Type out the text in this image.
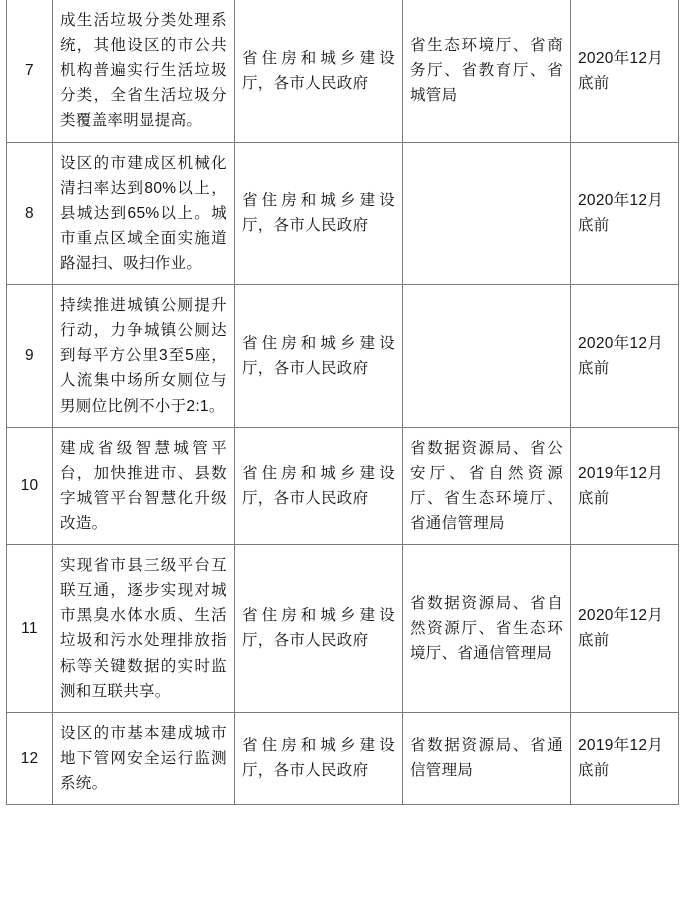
7	成生活垃圾分类处理系统，其他设区的市公共机构普遍实行生活垃圾分类，全省生活垃圾分类覆盖率明显提高。	省住房和城乡建设厅，各市人民政府	省生态环境厅、省商务厅、省教育厅、省城管局	2020年12月底前
8	设区的市建成区机械化清扫率达到80%以上，县城达到65%以上。城市重点区域全面实施道路湿扫、吸扫作业。	省住房和城乡建设厅，各市人民政府		2020年12月底前
9	持续推进城镇公厕提升行动，力争城镇公厕达到每平方公里3至5座，人流集中场所女厕位与男厕位比例不小于2:1。	省住房和城乡建设厅，各市人民政府		2020年12月底前
10	建成省级智慧城管平台，加快推进市、县数字城管平台智慧化升级改造。	省住房和城乡建设厅，各市人民政府	省数据资源局、省公安厅、省自然资源厅、省生态环境厅、省通信管理局	2019年12月底前
11	实现省市县三级平台互联互通，逐步实现对城市黑臭水体水质、生活垃圾和污水处理排放指标等关键数据的实时监测和互联共享。	省住房和城乡建设厅，各市人民政府	省数据资源局、省自然资源厅、省生态环境厅、省通信管理局	2020年12月底前
12	设区的市基本建成城市地下管网安全运行监测系统。	省住房和城乡建设厅，各市人民政府	省数据资源局、省通信管理局	2019年12月底前
